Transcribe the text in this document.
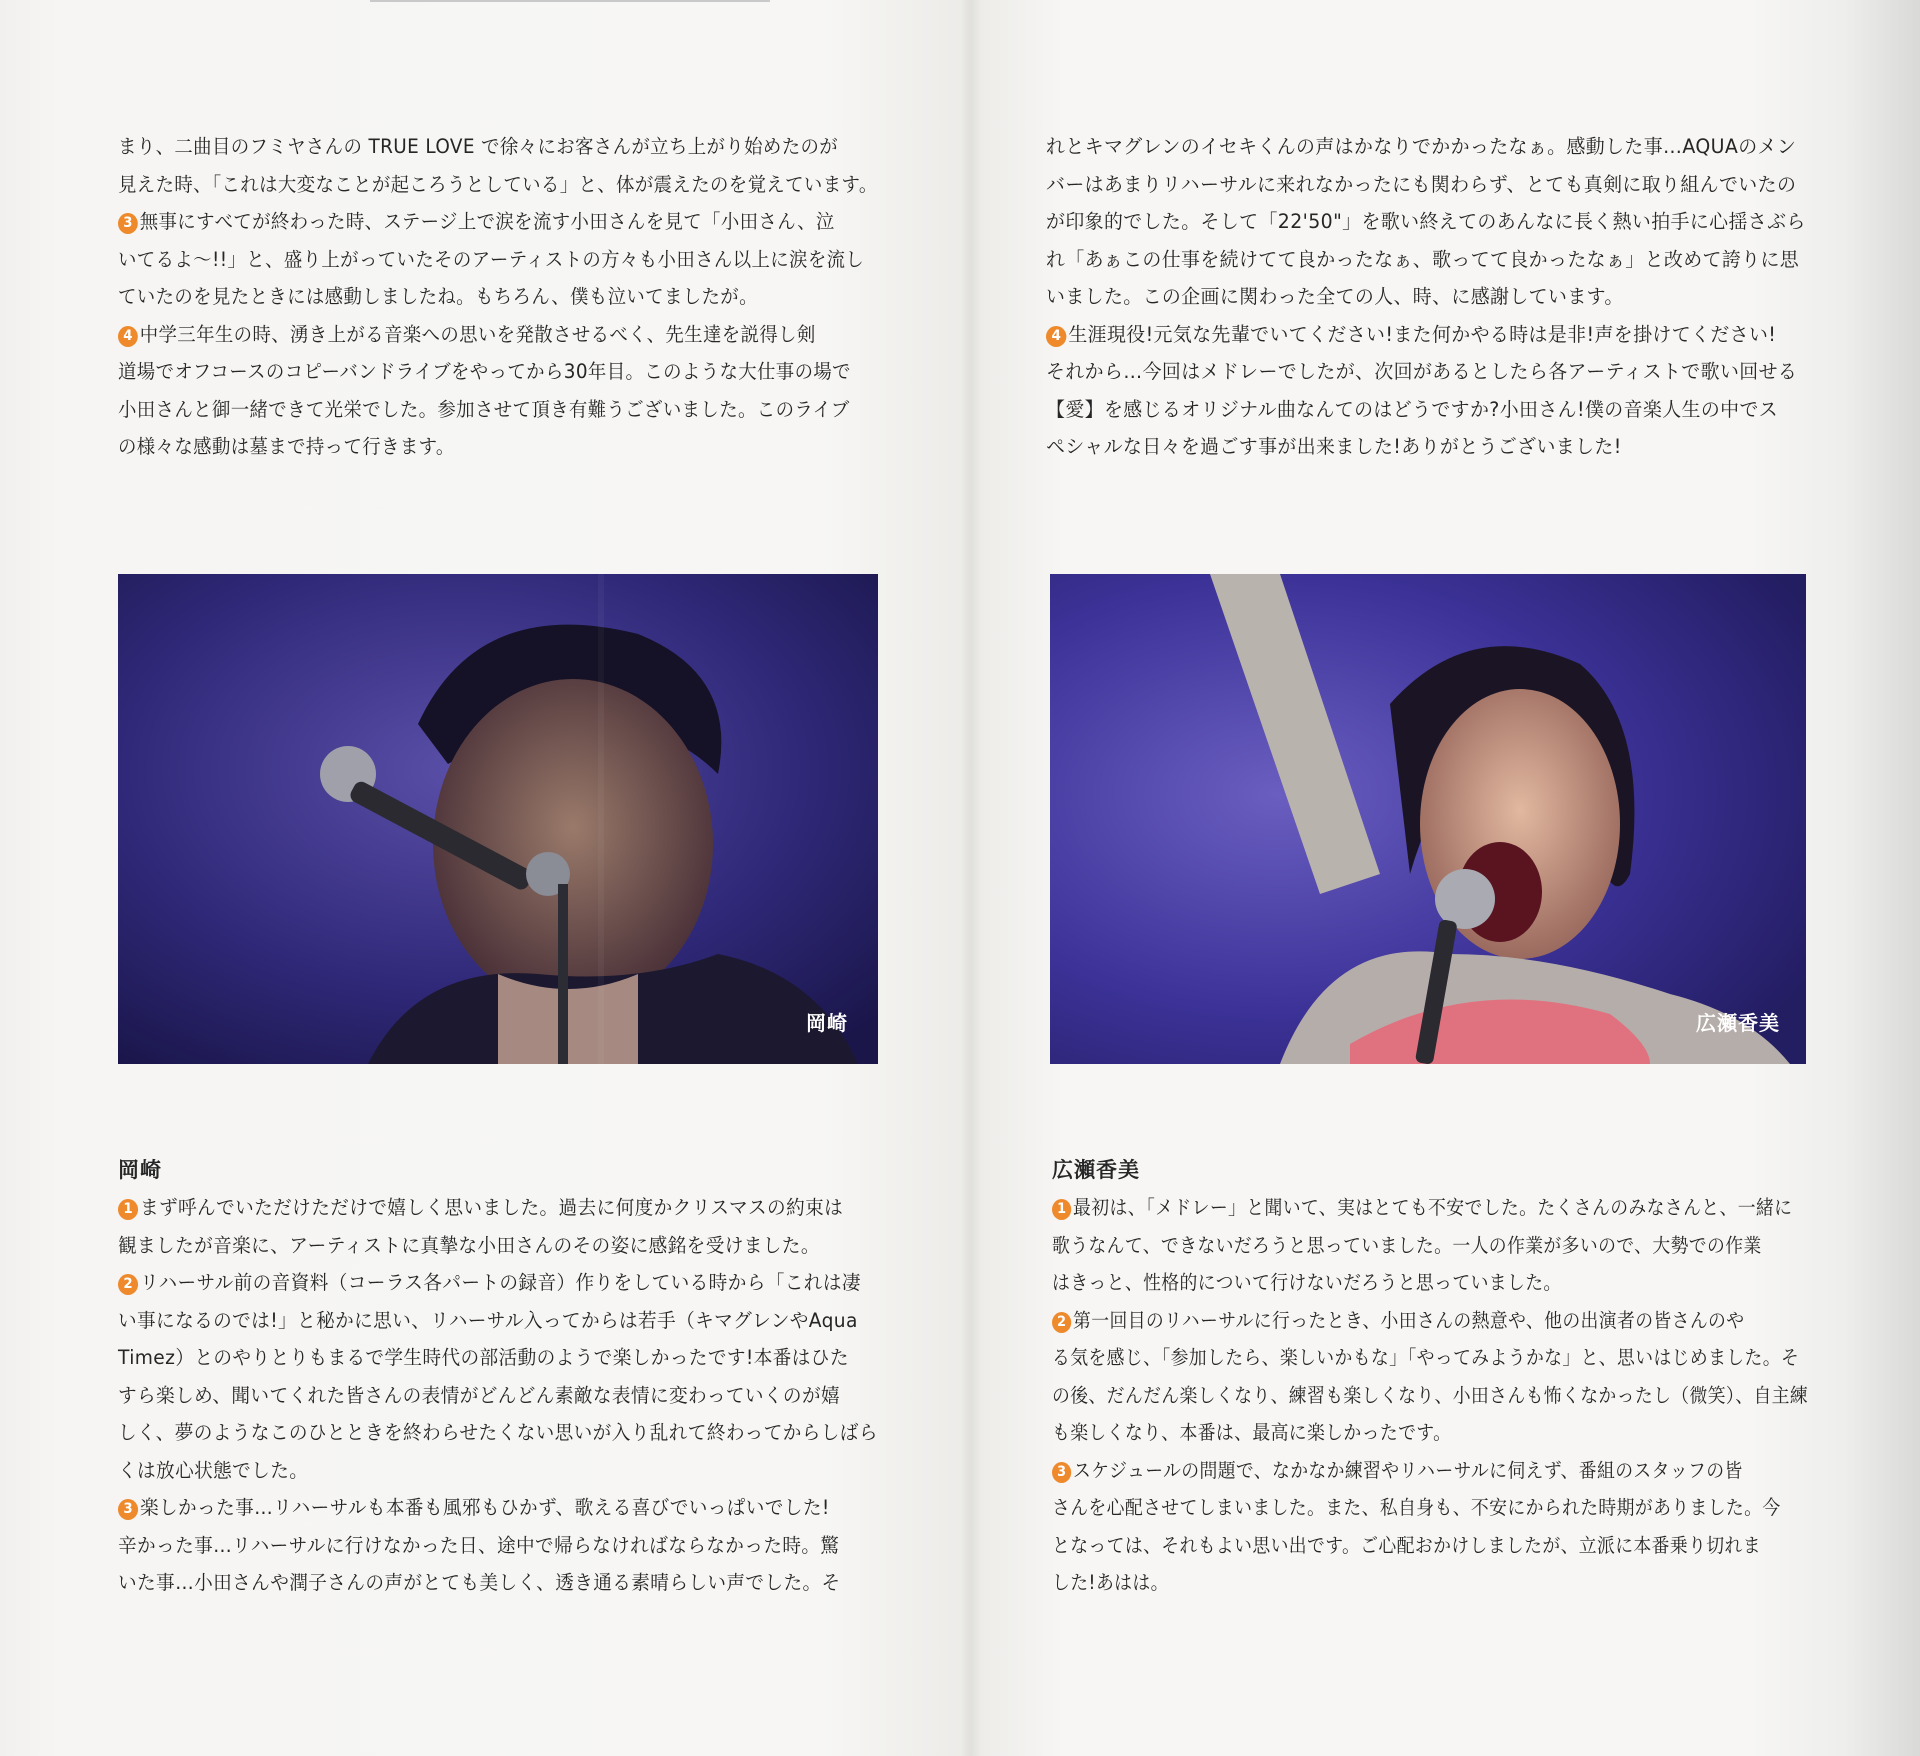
まり、二曲目のフミヤさんの TRUE LOVE で徐々にお客さんが立ち上がり始めたのが
見えた時、「これは大変なことが起ころうとしている」と、体が震えたのを覚えています。
3 無事にすべてが終わった時、ステージ上で涙を流す小田さんを見て「小田さん、泣
いてるよ〜!!」と、盛り上がっていたそのアーティストの方々も小田さん以上に涙を流し
ていたのを見たときには感動しましたね。もちろん、僕も泣いてましたが。
4 中学三年生の時、湧き上がる音楽への思いを発散させるべく、先生達を説得し剣
道場でオフコースのコピーバンドライブをやってから30年目。このような大仕事の場で
小田さんと御一緒できて光栄でした。参加させて頂き有難うございました。このライブ
の様々な感動は墓まで持って行きます。
岡崎
岡崎
1 まず呼んでいただけただけで嬉しく思いました。過去に何度かクリスマスの約束は
観ましたが音楽に、アーティストに真摯な小田さんのその姿に感銘を受けました。
2 リハーサル前の音資料（コーラス各パートの録音）作りをしている時から「これは凄
い事になるのでは!」と秘かに思い、リハーサル入ってからは若手（キマグレンやAqua
Timez）とのやりとりもまるで学生時代の部活動のようで楽しかったです!本番はひた
すら楽しめ、聞いてくれた皆さんの表情がどんどん素敵な表情に変わっていくのが嬉
しく、夢のようなこのひとときを終わらせたくない思いが入り乱れて終わってからしばら
くは放心状態でした。
3 楽しかった事…リハーサルも本番も風邪もひかず、歌える喜びでいっぱいでした!
辛かった事…リハーサルに行けなかった日、途中で帰らなければならなかった時。驚
いた事…小田さんや潤子さんの声がとても美しく、透き通る素晴らしい声でした。そ
れとキマグレンのイセキくんの声はかなりでかかったなぁ。感動した事…AQUAのメン
バーはあまりリハーサルに来れなかったにも関わらず、とても真剣に取り組んでいたの
が印象的でした。そして「22'50"」を歌い終えてのあんなに長く熱い拍手に心揺さぶら
れ「あぁこの仕事を続けてて良かったなぁ、歌ってて良かったなぁ」と改めて誇りに思
いました。この企画に関わった全ての人、時、に感謝しています。
4 生涯現役!元気な先輩でいてください!また何かやる時は是非!声を掛けてください!
それから…今回はメドレーでしたが、次回があるとしたら各アーティストで歌い回せる
【愛】を感じるオリジナル曲なんてのはどうですか?小田さん!僕の音楽人生の中でス
ペシャルな日々を過ごす事が出来ました!ありがとうございました!
広瀬香美
広瀬香美
1 最初は、「メドレー」と聞いて、実はとても不安でした。たくさんのみなさんと、一緒に
歌うなんて、できないだろうと思っていました。一人の作業が多いので、大勢での作業
はきっと、性格的について行けないだろうと思っていました。
2 第一回目のリハーサルに行ったとき、小田さんの熱意や、他の出演者の皆さんのや
る気を感じ、「参加したら、楽しいかもな」「やってみようかな」と、思いはじめました。そ
の後、だんだん楽しくなり、練習も楽しくなり、小田さんも怖くなかったし（微笑）、自主練
も楽しくなり、本番は、最高に楽しかったです。
3 スケジュールの問題で、なかなか練習やリハーサルに伺えず、番組のスタッフの皆
さんを心配させてしまいました。また、私自身も、不安にかられた時期がありました。今
となっては、それもよい思い出です。ご心配おかけしましたが、立派に本番乗り切れま
した!あはは。
